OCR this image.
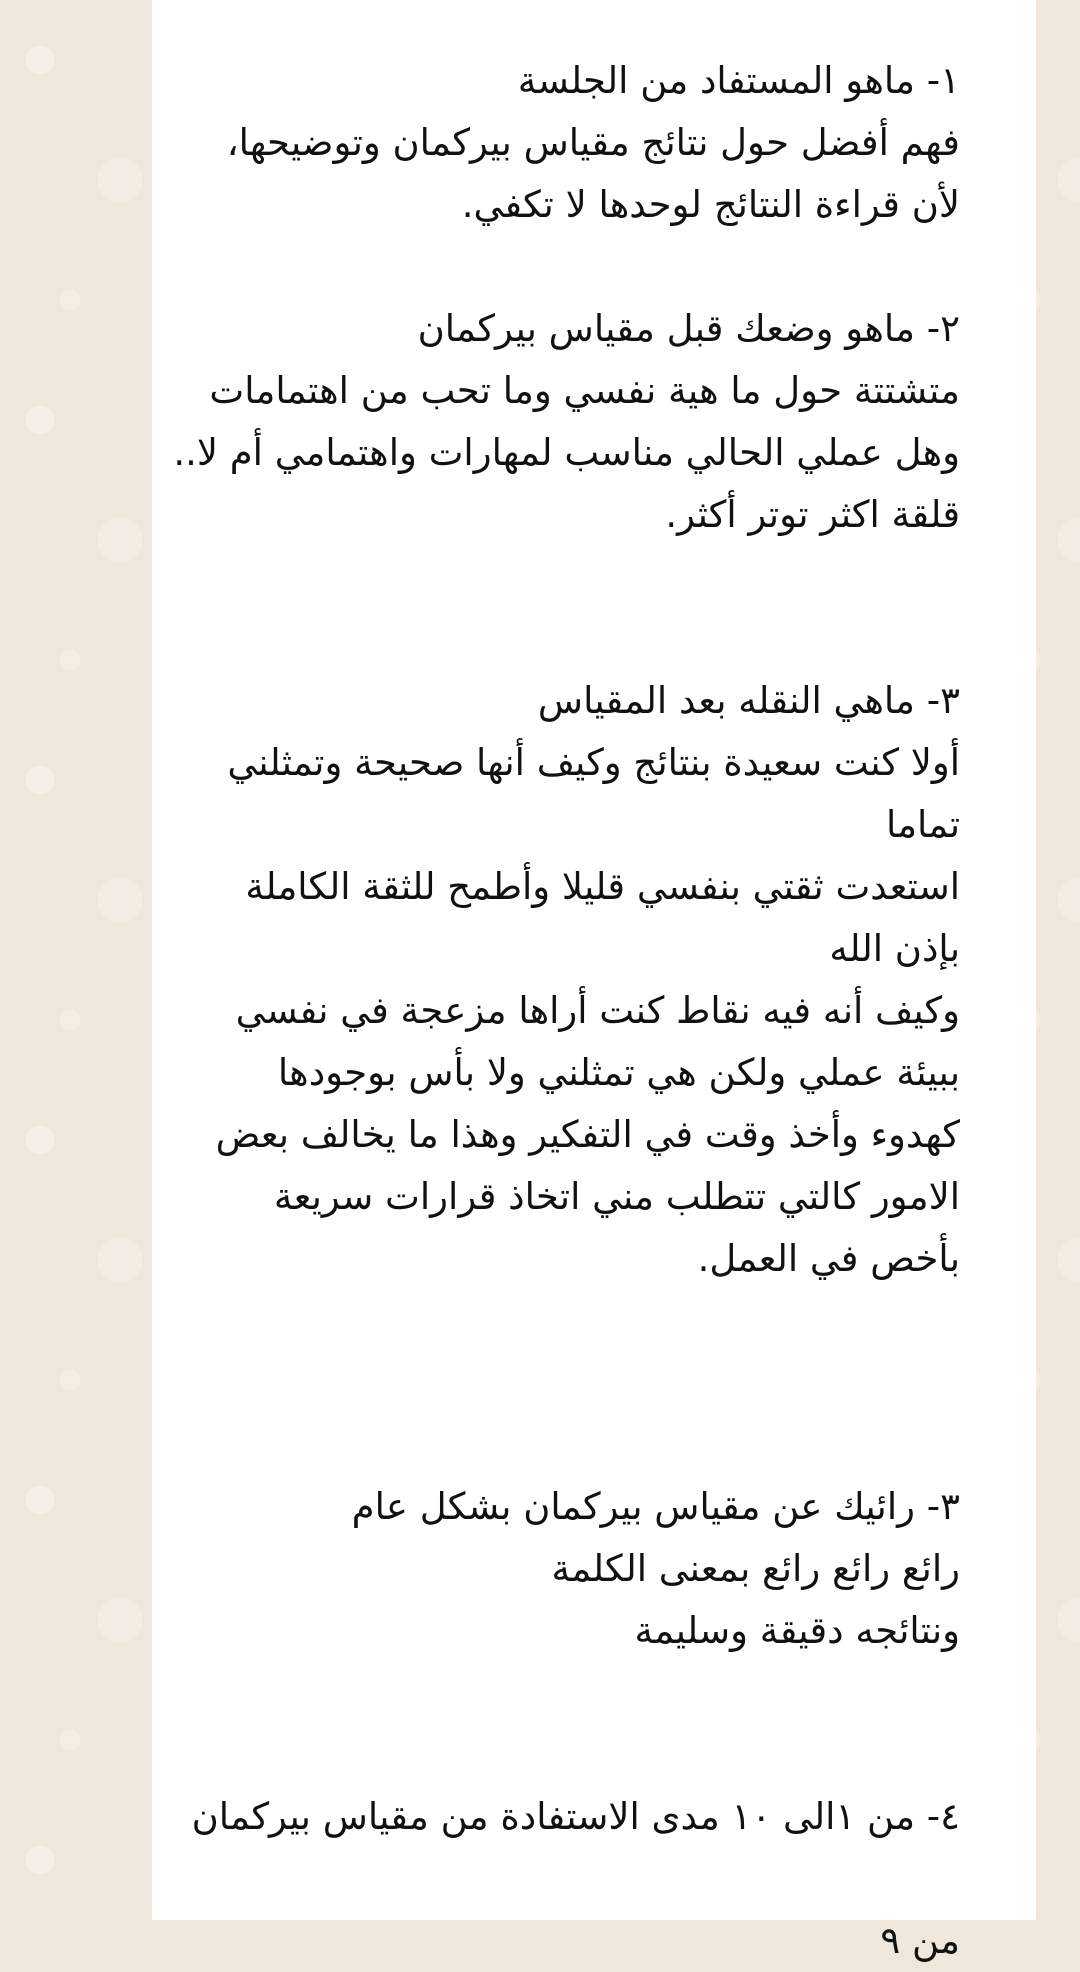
١- ماهو المستفاد من الجلسة
فهم أفضل حول نتائج مقياس بيركمان وتوضيحها،
لأن قراءة النتائج لوحدها لا تكفي.
٢- ماهو وضعك قبل مقياس بيركمان
متشتتة حول ما هية نفسي وما تحب من اهتمامات
وهل عملي الحالي مناسب لمهارات واهتمامي أم لا..
قلقة اكثر توتر أكثر.
٣- ماهي النقله بعد المقياس
أولا كنت سعيدة بنتائج وكيف أنها صحيحة وتمثلني
تماما
استعدت ثقتي بنفسي قليلا وأطمح للثقة الكاملة
بإذن الله
وكيف أنه فيه نقاط كنت أراها مزعجة في نفسي
ببيئة عملي ولكن هي تمثلني ولا بأس بوجودها
كهدوء وأخذ وقت في التفكير وهذا ما يخالف بعض
الامور كالتي تتطلب مني اتخاذ قرارات سريعة
بأخص في العمل.
٣- رائيك عن مقياس بيركمان بشكل عام
رائع رائع رائع بمعنى الكلمة
ونتائجه دقيقة وسليمة
٤- من ١الى ١٠ مدى الاستفادة من مقياس بيركمان
من ٩
